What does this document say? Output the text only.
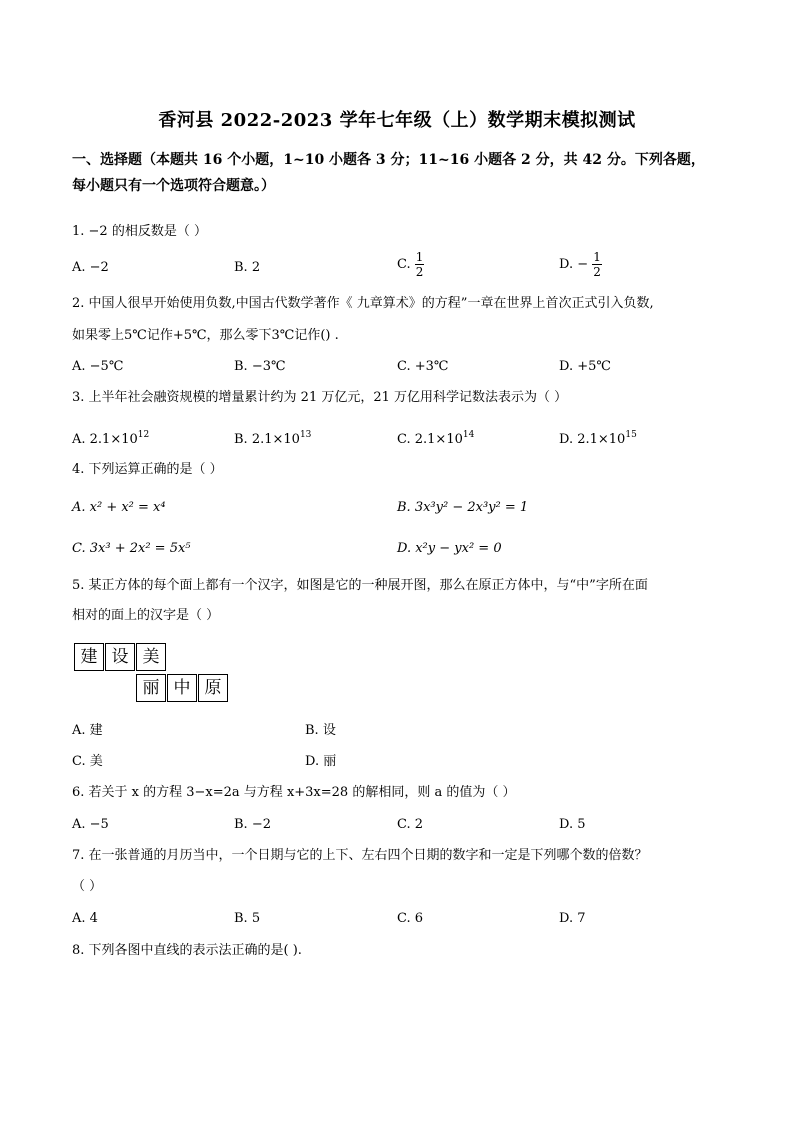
香河县 2022-2023 学年七年级（上）数学期末模拟测试
一、选择题（本题共 16 个小题，1~10 小题各 3 分；11~16 小题各 2 分，共 42 分。下列各题，
每小题只有一个选项符合题意。）
1. −2 的相反数是（ ）
A. −2	B. 2	C. $\frac{1}{2}$	D. − $\frac{1}{2}$
2. 中国人很早开始使用负数,中国古代数学著作《 九章算术》的方程”一章在世界上首次正式引入负数,
如果零上5℃记作+5℃，那么零下3℃记作() .
A. −5℃	B. −3℃	C. +3℃	D. +5℃
3. 上半年社会融资规模的增量累计约为 21 万亿元，21 万亿用科学记数法表示为（ ）
A. $2.1\times 10^{12}$	B. $2.1\times 10^{13}$	C. $2.1\times 10^{14}$	D. $2.1\times 10^{15}$
4. 下列运算正确的是（ ）
A. x² + x² = x⁴	B. 3x³y² − 2x³y² = 1
C. 3x³ + 2x² = 5x⁵	D. x²y − yx² = 0
5. 某正方体的每个面上都有一个汉字，如图是它的一种展开图，那么在原正方体中，与“中”字所在面
相对的面上的汉字是（ ）
建 设 美
丽 中 原
A. 建	B. 设
C. 美	D. 丽
6. 若关于 x 的方程 3−x=2a 与方程 x+3x=28 的解相同，则 a 的值为（ ）
A. −5	B. −2	C. 2	D. 5
7. 在一张普通的月历当中，一个日期与它的上下、左右四个日期的数字和一定是下列哪个数的倍数？
（ ）
A. 4	B. 5	C. 6	D. 7
8. 下列各图中直线的表示法正确的是( ).
